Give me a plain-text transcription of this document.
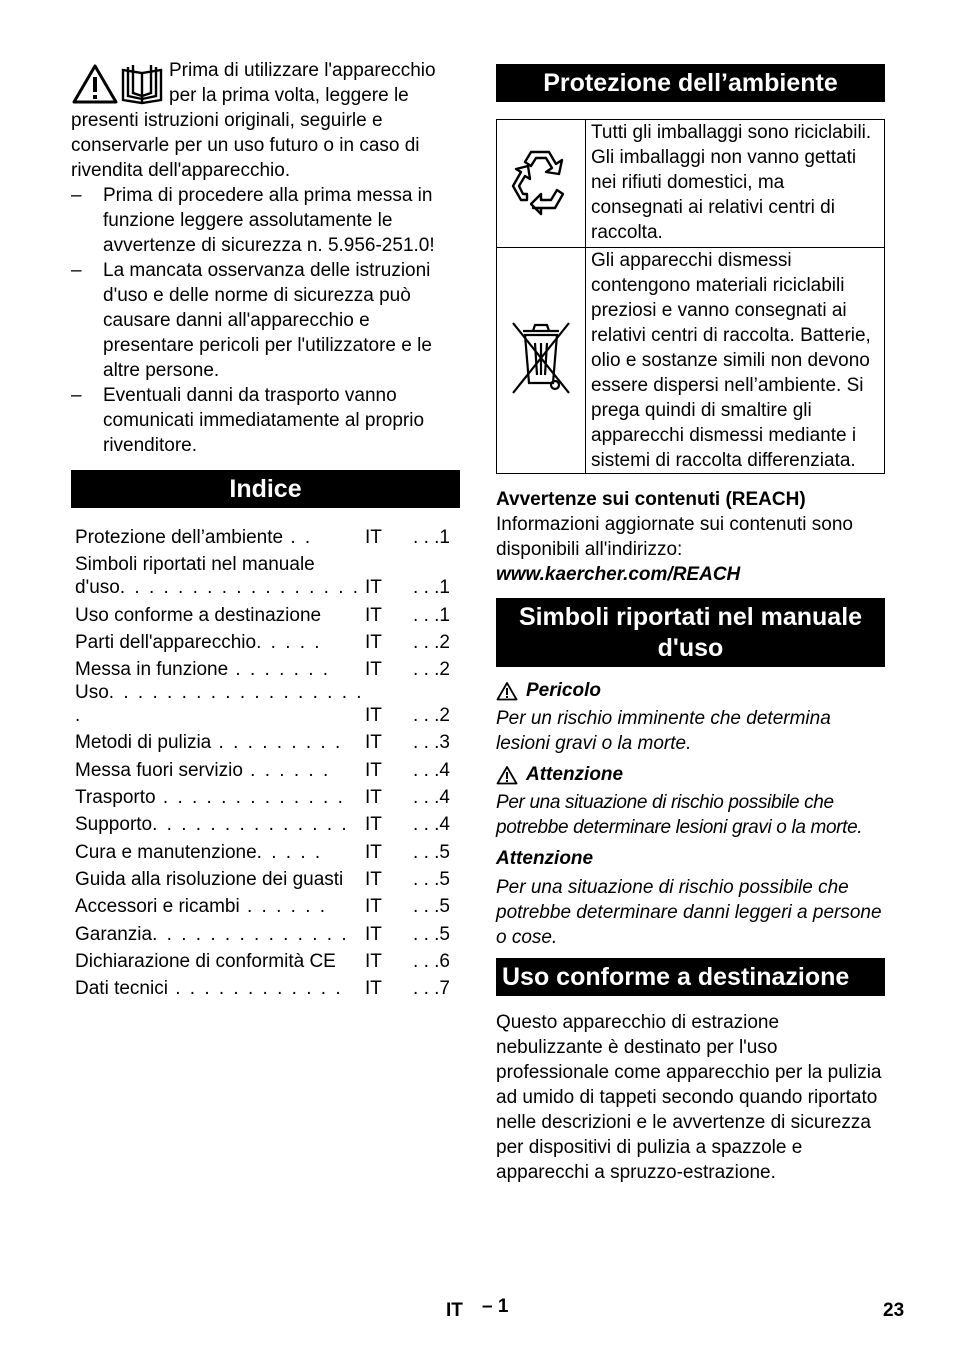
Prima di utilizzare l'apparecchio per la prima volta, leggere le presenti istruzioni originali, seguirle e conservarle per un uso futuro o in caso di rivendita dell'apparecchio.

– Prima di procedere alla prima messa in funzione leggere assolutamente le avvertenze di sicurezza n. 5.956-251.0!
– La mancata osservanza delle istruzioni d'uso e delle norme di sicurezza può causare danni all'apparecchio e presentare pericoli per l'utilizzatore e le altre persone.
– Eventuali danni da trasporto vanno comunicati immediatamente al proprio rivenditore.
Indice
Protezione dell’ambiente . .	IT	. . .1
Simboli riportati nel manuale d'uso. . . . . . . . . . . . . . . . .	IT	. . .1
Uso conforme a destinazione	IT	. . .1
Parti dell'apparecchio. . . . .	IT	. . .2
Messa in funzione . . . . . . .	IT	. . .2
Uso. . . . . . . . . . . . . . . . . . .	IT	. . .2
Metodi di pulizia . . . . . . . . .	IT	. . .3
Messa fuori servizio . . . . . .	IT	. . .4
Trasporto . . . . . . . . . . . . .	IT	. . .4
Supporto. . . . . . . . . . . . . .	IT	. . .4
Cura e manutenzione. . . . .	IT	. . .5
Guida alla risoluzione dei guasti	IT	. . .5
Accessori e ricambi . . . . . .	IT	. . .5
Garanzia. . . . . . . . . . . . . .	IT	. . .5
Dichiarazione di conformità CE	IT	. . .6
Dati tecnici . . . . . . . . . . . .	IT	. . .7
Protezione dell’ambiente
	Tutti gli imballaggi sono riciclabili. Gli imballaggi non vanno gettati nei rifiuti domestici, ma consegnati ai relativi centri di raccolta.
	Gli apparecchi dismessi contengono materiali riciclabili preziosi e vanno consegnati ai relativi centri di raccolta. Batterie, olio e sostanze simili non devono essere dispersi nell’ambiente. Si prega quindi di smaltire gli apparecchi dismessi mediante i sistemi di raccolta differenziata.

Avvertenze sui contenuti (REACH)

Informazioni aggiornate sui contenuti sono disponibili all'indirizzo:

www.kaercher.com/REACH

Simboli riportati nel manuale d'uso
Pericolo

Per un rischio imminente che determina lesioni gravi o la morte.

Attenzione

Per una situazione di rischio possibile che potrebbe determinare lesioni gravi o la morte.

Attenzione

Per una situazione di rischio possibile che potrebbe determinare danni leggeri a persone o cose.

Uso conforme a destinazione

Questo apparecchio di estrazione nebulizzante è destinato per l'uso professionale come apparecchio per la pulizia ad umido di tappeti secondo quando riportato nelle descrizioni e le avvertenze di sicurezza per dispositivi di pulizia a spazzole e apparecchi a spruzzo-estrazione.

IT – 1	23
